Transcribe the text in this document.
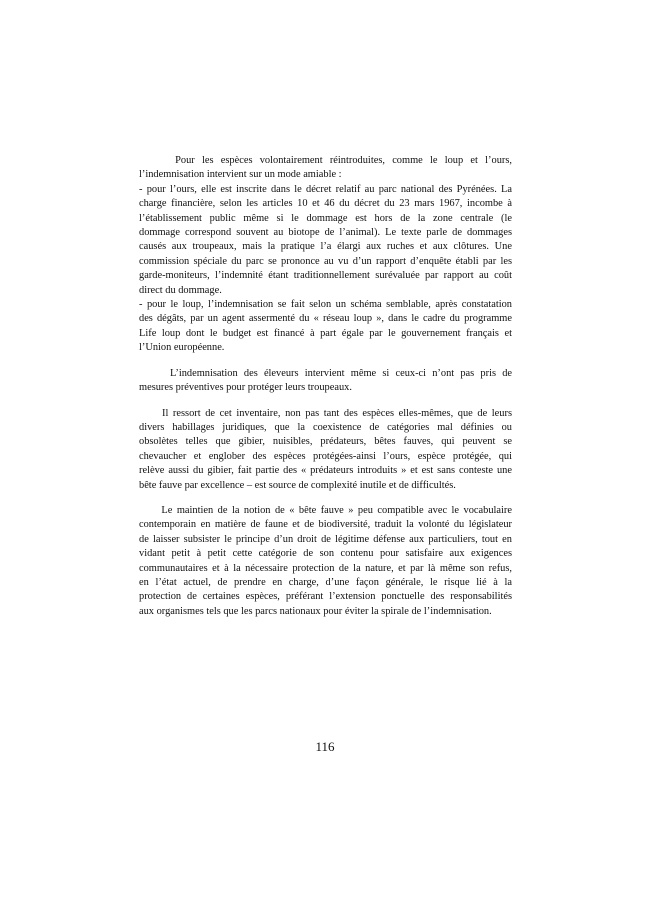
Pour les espèces volontairement réintroduites, comme le loup et l’ours,
l’indemnisation intervient sur un mode amiable :
- pour l’ours, elle est inscrite dans le décret relatif au parc national des Pyrénées. La
charge financière, selon les articles 10 et 46 du décret du 23 mars 1967, incombe à
l’établissement public même si le dommage est hors de la zone centrale (le
dommage correspond souvent au biotope de l’animal). Le texte parle de dommages
causés aux troupeaux, mais la pratique l’a élargi aux ruches et aux clôtures. Une
commission spéciale du parc se prononce au vu d’un rapport d’enquête établi par les
garde-moniteurs, l’indemnité étant traditionnellement surévaluée par rapport au coût
direct du dommage.
- pour le loup, l’indemnisation se fait selon un schéma semblable, après constatation
des dégâts, par un agent assermenté du « réseau loup », dans le cadre du programme
Life loup dont le budget est financé à part égale par le gouvernement français et
l’Union européenne.

L’indemnisation des éleveurs intervient même si ceux-ci n’ont pas pris de
mesures préventives pour protéger leurs troupeaux.

Il ressort de cet inventaire, non pas tant des espèces elles-mêmes, que de leurs
divers habillages juridiques, que la coexistence de catégories mal définies ou
obsolètes telles que gibier, nuisibles, prédateurs, bêtes fauves, qui peuvent se
chevaucher et englober des espèces protégées-ainsi l’ours, espèce protégée, qui
relève aussi du gibier, fait partie des « prédateurs introduits » et est sans conteste une
bête fauve par excellence – est source de complexité inutile et de difficultés.

Le maintien de la notion de « bête fauve » peu compatible avec le vocabulaire
contemporain en matière de faune et de biodiversité, traduit la volonté du législateur
de laisser subsister le principe d’un droit de légitime défense aux particuliers, tout en
vidant petit à petit cette catégorie de son contenu pour satisfaire aux exigences
communautaires et à la nécessaire protection de la nature, et par là même son refus,
en l’état actuel, de prendre en charge, d’une façon générale, le risque lié à la
protection de certaines espèces, préférant l’extension ponctuelle des responsabilités
aux organismes tels que les parcs nationaux pour éviter la spirale de l’indemnisation.

116
